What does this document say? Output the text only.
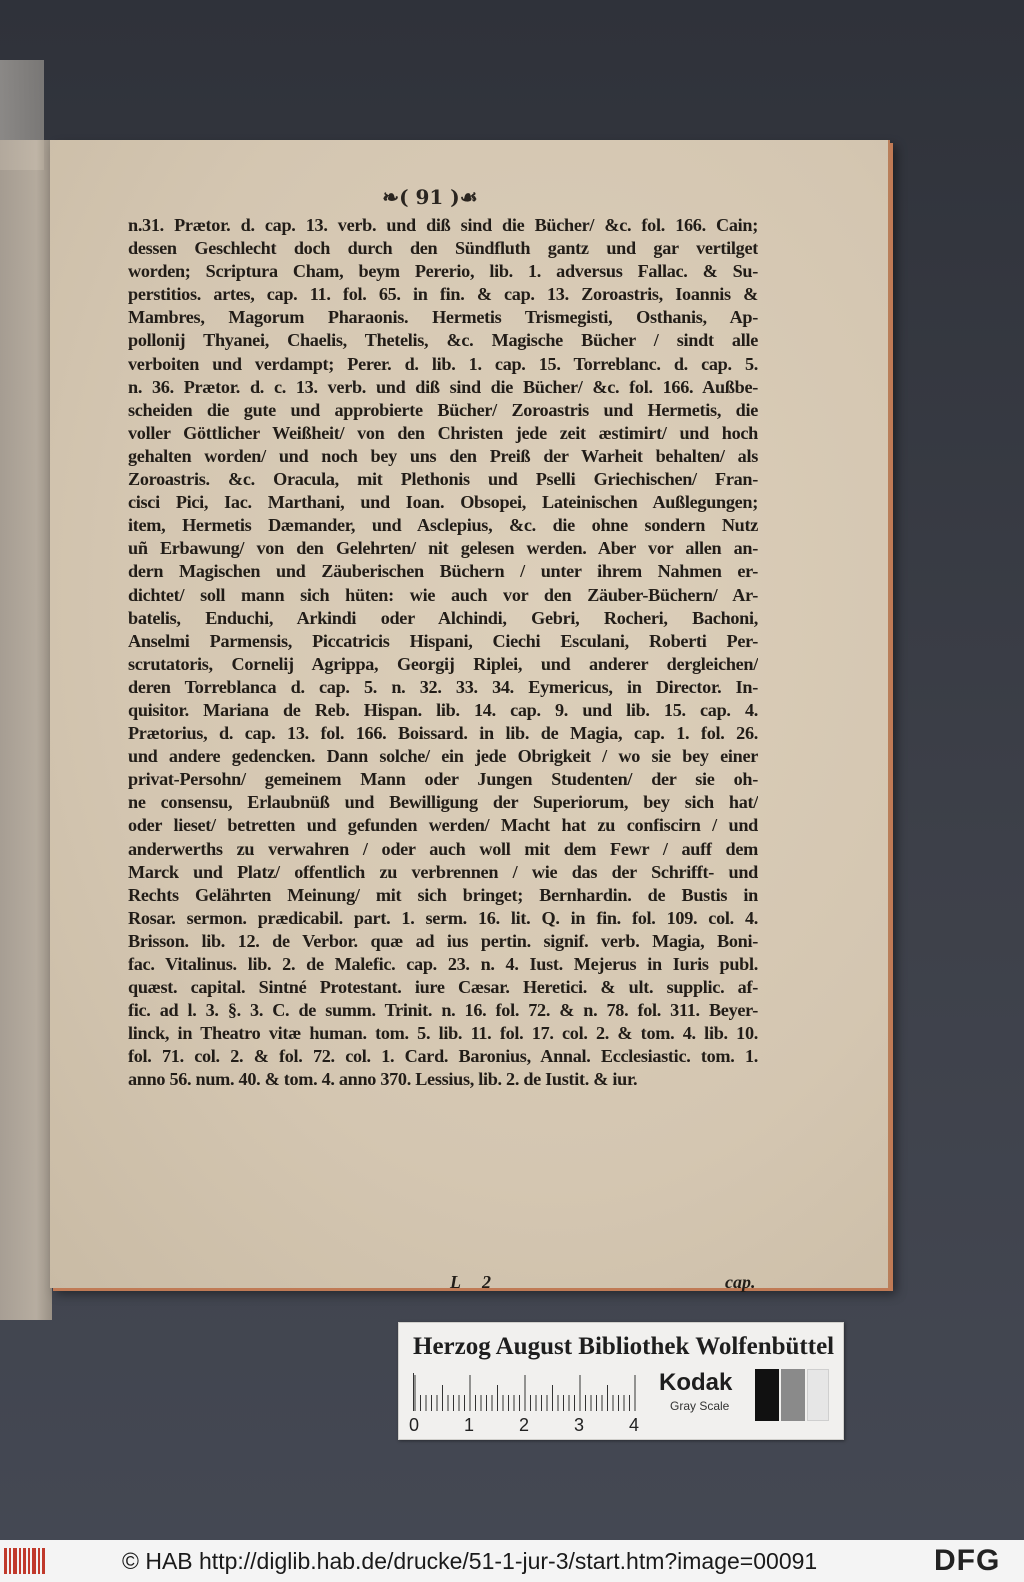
❧( 91 )☙
n.31. Prætor. d. cap. 13. verb. und diß sind die Bücher/ &c. fol. 166. Cain;
dessen Geschlecht doch durch den Sündfluth gantz und gar vertilget
worden; Scriptura Cham, beym Pererio, lib. 1. adversus Fallac. & Su-
perstitios. artes, cap. 11. fol. 65. in fin. & cap. 13. Zoroastris, Ioannis &
Mambres, Magorum Pharaonis. Hermetis Trismegisti, Osthanis, Ap-
pollonij Thyanei, Chaelis, Thetelis, &c. Magische Bücher / sindt alle
verboiten und verdampt; Perer. d. lib. 1. cap. 15. Torreblanc. d. cap. 5.
n. 36. Prætor. d. c. 13. verb. und diß sind die Bücher/ &c. fol. 166. Außbe-
scheiden die gute und approbierte Bücher/ Zoroastris und Hermetis, die
voller Göttlicher Weißheit/ von den Christen jede zeit æstimirt/ und hoch
gehalten worden/ und noch bey uns den Preiß der Warheit behalten/ als
Zoroastris. &c. Oracula, mit Plethonis und Pselli Griechischen/ Fran-
cisci Pici, Iac. Marthani, und Ioan. Obsopei, Lateinischen Außlegungen;
item, Hermetis Dæmander, und Asclepius, &c. die ohne sondern Nutz
uñ Erbawung/ von den Gelehrten/ nit gelesen werden. Aber vor allen an-
dern Magischen und Zäuberischen Büchern / unter ihrem Nahmen er-
dichtet/ soll mann sich hüten: wie auch vor den Zäuber-Büchern/ Ar-
batelis, Enduchi, Arkindi oder Alchindi, Gebri, Rocheri, Bachoni,
Anselmi Parmensis, Piccatricis Hispani, Ciechi Esculani, Roberti Per-
scrutatoris, Cornelij Agrippa, Georgij Riplei, und anderer dergleichen/
deren Torreblanca d. cap. 5. n. 32. 33. 34. Eymericus, in Director. In-
quisitor. Mariana de Reb. Hispan. lib. 14. cap. 9. und lib. 15. cap. 4.
Prætorius, d. cap. 13. fol. 166. Boissard. in lib. de Magia, cap. 1. fol. 26.
und andere gedencken. Dann solche/ ein jede Obrigkeit / wo sie bey einer
privat-Persohn/ gemeinem Mann oder Jungen Studenten/ der sie oh-
ne consensu, Erlaubnüß und Bewilligung der Superiorum, bey sich hat/
oder lieset/ betretten und gefunden werden/ Macht hat zu confiscirn / und
anderwerths zu verwahren / oder auch woll mit dem Fewr / auff dem
Marck und Platz/ offentlich zu verbrennen / wie das der Schrifft- und
Rechts Gelährten Meinung/ mit sich bringet; Bernhardin. de Bustis in
Rosar. sermon. prædicabil. part. 1. serm. 16. lit. Q. in fin. fol. 109. col. 4.
Brisson. lib. 12. de Verbor. quæ ad ius pertin. signif. verb. Magia, Boni-
fac. Vitalinus. lib. 2. de Malefic. cap. 23. n. 4. Iust. Mejerus in Iuris publ.
quæst. capital. Sintné Protestant. iure Cæsar. Heretici. & ult. supplic. af-
fic. ad l. 3. §. 3. C. de summ. Trinit. n. 16. fol. 72. & n. 78. fol. 311. Beyer-
linck, in Theatro vitæ human. tom. 5. lib. 11. fol. 17. col. 2. & tom. 4. lib. 10.
fol. 71. col. 2. & fol. 72. col. 1. Card. Baronius, Annal. Ecclesiastic. tom. 1.
anno 56. num. 40. & tom. 4. anno 370. Lessius, lib. 2. de Iustit. & iur.
L 2	cap.
Herzog August Bibliothek Wolfenbüttel
0 1 2 3 4
Kodak
Gray Scale
© HAB http://diglib.hab.de/drucke/51-1-jur-3/start.htm?image=00091	DFG
